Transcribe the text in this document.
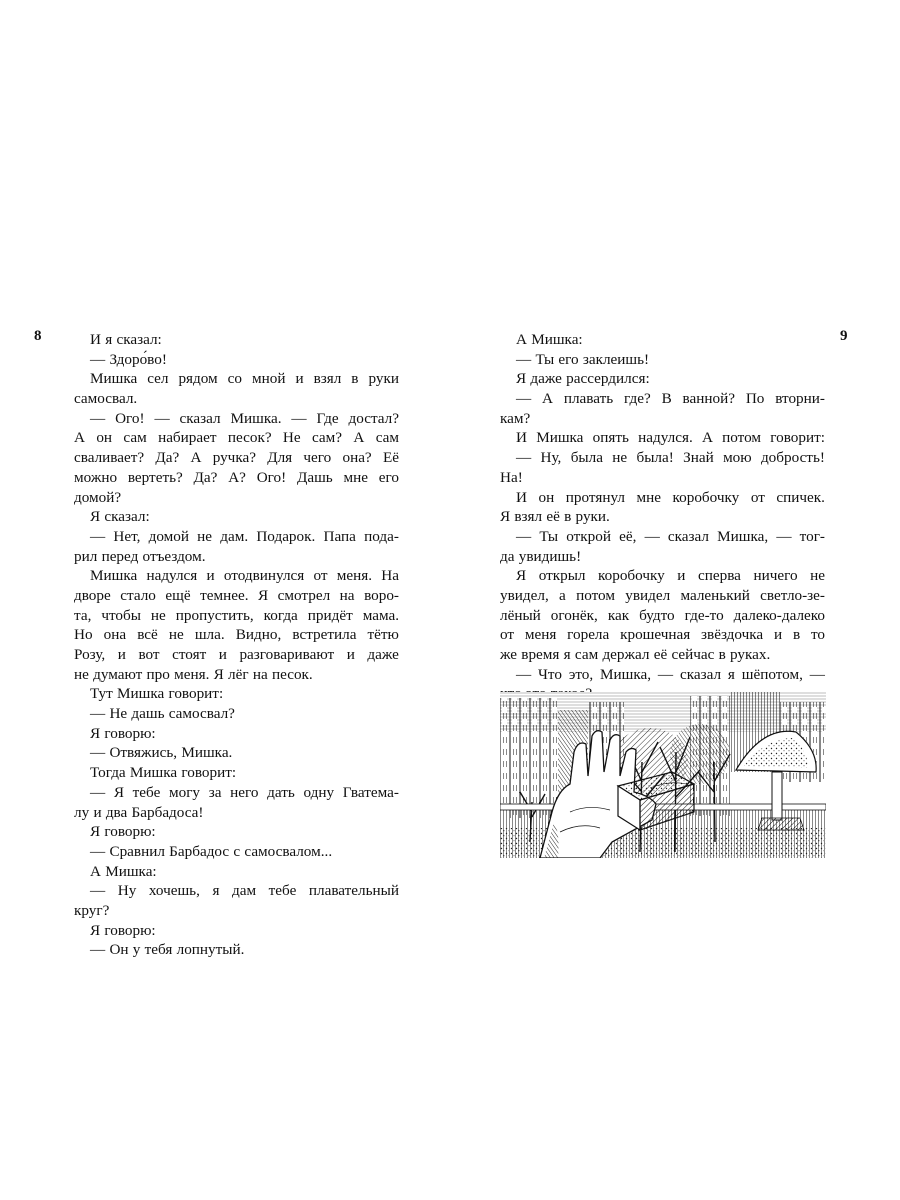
8	9
И я сказал:
— Здоро́во!
Мишка сел рядом со мной и взял в руки
самосвал.
— Ого! — сказал Мишка. — Где достал?
А он сам набирает песок? Не сам? А сам
сваливает? Да? А ручка? Для чего она? Её
можно вертеть? Да? А? Ого! Дашь мне его
домой?
Я сказал:
— Нет, домой не дам. Подарок. Папа пода-
рил перед отъездом.
Мишка надулся и отодвинулся от меня. На
дворе стало ещё темнее. Я смотрел на воро-
та, чтобы не пропустить, когда придёт мама.
Но она всё не шла. Видно, встретила тётю
Розу, и вот стоят и разговаривают и даже
не думают про меня. Я лёг на песок.
Тут Мишка говорит:
— Не дашь самосвал?
Я говорю:
— Отвяжись, Мишка.
Тогда Мишка говорит:
— Я тебе могу за него дать одну Гватема-
лу и два Барбадоса!
Я говорю:
— Сравнил Барбадос с самосвалом...
А Мишка:
— Ну хочешь, я дам тебе плавательный
круг?
Я говорю:
— Он у тебя лопнутый.
А Мишка:
— Ты его заклеишь!
Я даже рассердился:
— А плавать где? В ванной? По вторни-
кам?
И Мишка опять надулся. А потом говорит:
— Ну, была не была! Знай мою добрость!
На!
И он протянул мне коробочку от спичек.
Я взял её в руки.
— Ты открой её, — сказал Мишка, — тог-
да увидишь!
Я открыл коробочку и сперва ничего не
увидел, а потом увидел маленький светло-зе-
лёный огонёк, как будто где-то далеко-далеко
от меня горела крошечная звёздочка и в то
же время я сам держал её сейчас в руках.
— Что это, Мишка, — сказал я шёпотом, —
